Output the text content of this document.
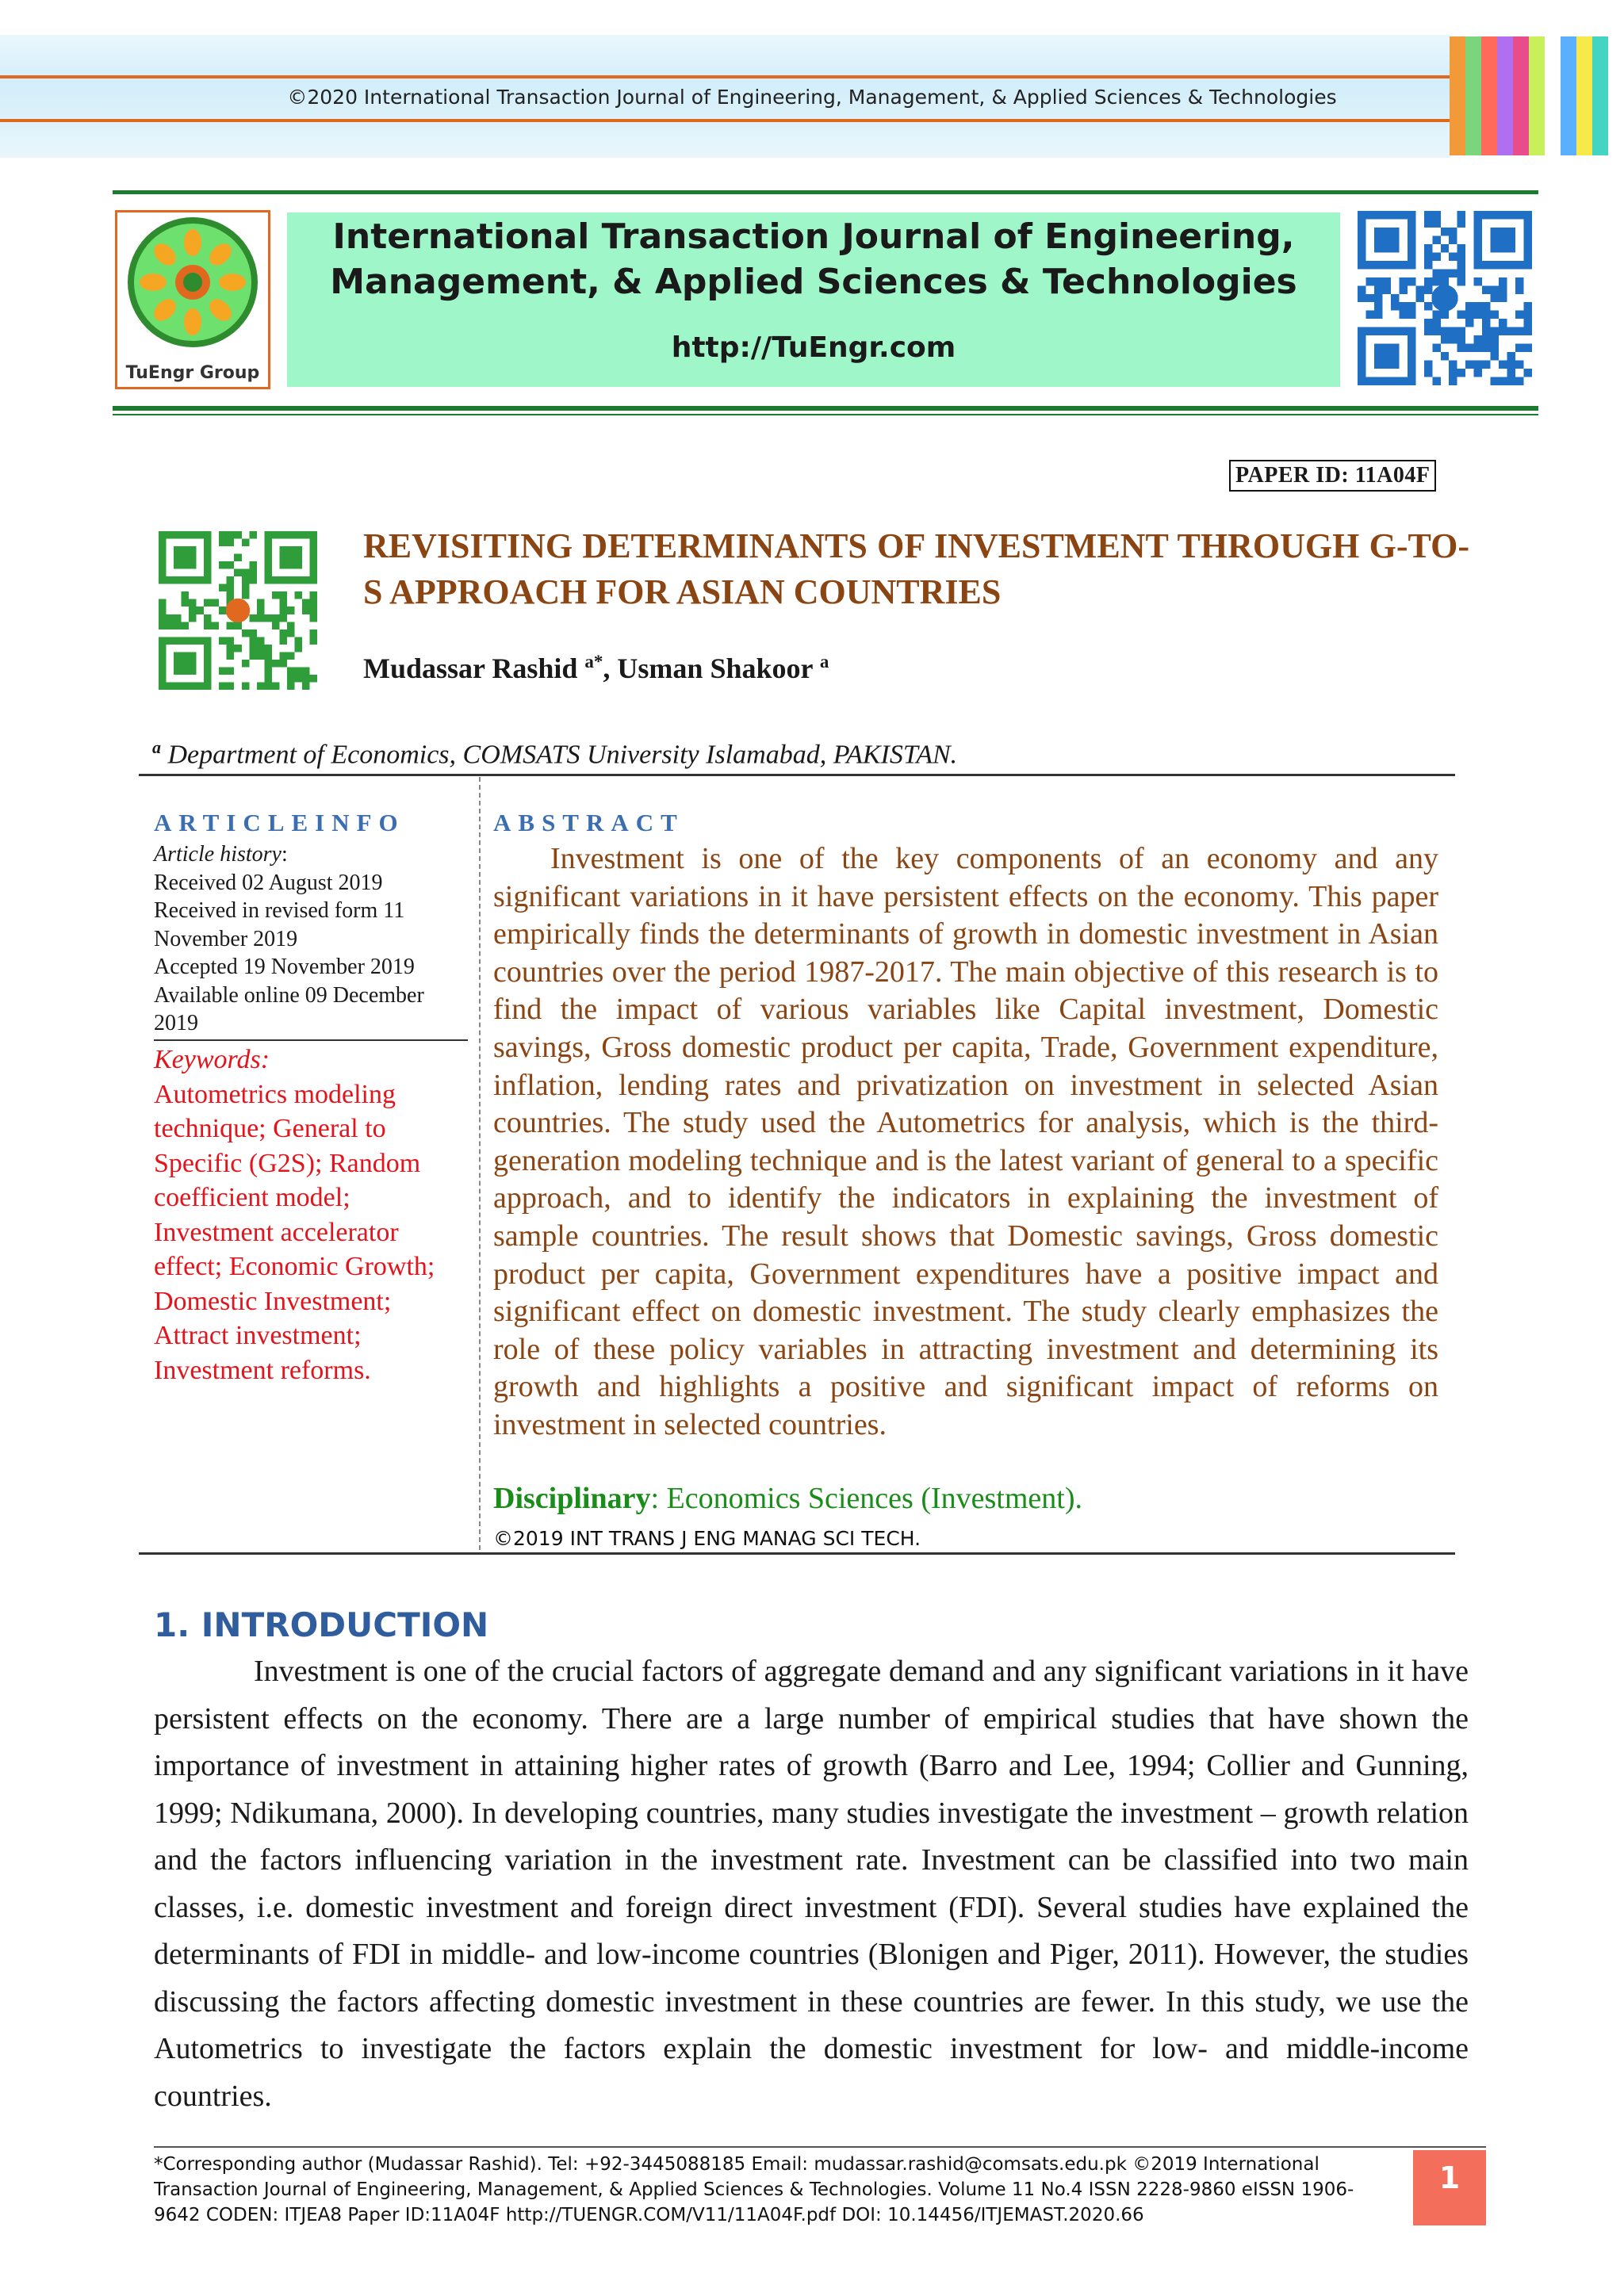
©2020 International Transaction Journal of Engineering, Management, & Applied Sciences & Technologies
TuEngr Group
International Transaction Journal of Engineering,
Management, & Applied Sciences & Technologies
http://TuEngr.com
PAPER ID: 11A04F
REVISITING DETERMINANTS OF INVESTMENT THROUGH G-TO-S APPROACH FOR ASIAN COUNTRIES
Mudassar Rashid $^{a*}$, Usman Shakoor $^a$
$^a$ Department of Economics, COMSATS University Islamabad, PAKISTAN.
ARTICLEINFO	ABSTRACT
Article history:
Received 02 August 2019
Received in revised form 11 November 2019
Accepted 19 November 2019
Available online 09 December 2019
Keywords:
Autometrics modeling technique; General to Specific (G2S); Random coefficient model; Investment accelerator effect; Economic Growth; Domestic Investment; Attract investment; Investment reforms.
Investment is one of the key components of an economy and any significant variations in it have persistent effects on the economy. This paper empirically finds the determinants of growth in domestic investment in Asian countries over the period 1987-2017. The main objective of this research is to find the impact of various variables like Capital investment, Domestic savings, Gross domestic product per capita, Trade, Government expenditure, inflation, lending rates and privatization on investment in selected Asian countries. The study used the Autometrics for analysis, which is the third-generation modeling technique and is the latest variant of general to a specific approach, and to identify the indicators in explaining the investment of sample countries. The result shows that Domestic savings, Gross domestic product per capita, Government expenditures have a positive impact and significant effect on domestic investment. The study clearly emphasizes the role of these policy variables in attracting investment and determining its growth and highlights a positive and significant impact of reforms on investment in selected countries.
Disciplinary: Economics Sciences (Investment).
©2019 INT TRANS J ENG MANAG SCI TECH.
1. INTRODUCTION
Investment is one of the crucial factors of aggregate demand and any significant variations in it have persistent effects on the economy. There are a large number of empirical studies that have shown the importance of investment in attaining higher rates of growth (Barro and Lee, 1994; Collier and Gunning, 1999; Ndikumana, 2000). In developing countries, many studies investigate the investment – growth relation and the factors influencing variation in the investment rate. Investment can be classified into two main classes, i.e. domestic investment and foreign direct investment (FDI). Several studies have explained the determinants of FDI in middle- and low-income countries (Blonigen and Piger, 2011). However, the studies discussing the factors affecting domestic investment in these countries are fewer. In this study, we use the Autometrics to investigate the factors explain the domestic investment for low- and middle-income countries.
*Corresponding author (Mudassar Rashid). Tel: +92-3445088185 Email: mudassar.rashid@comsats.edu.pk ©2019 International Transaction Journal of Engineering, Management, & Applied Sciences & Technologies. Volume 11 No.4 ISSN 2228-9860 eISSN 1906-9642 CODEN: ITJEA8 Paper ID:11A04F http://TUENGR.COM/V11/11A04F.pdf DOI: 10.14456/ITJEMAST.2020.66
1
